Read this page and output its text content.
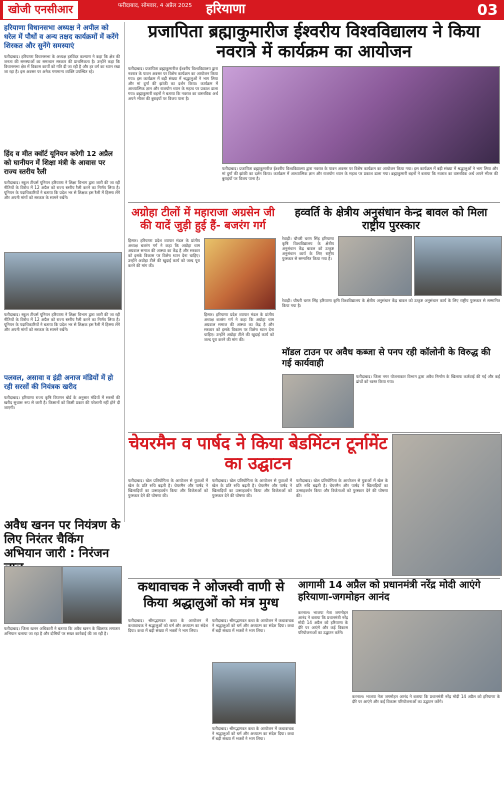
खोजी एनसीआर	फरीदाबाद, सोमवार, 4 अप्रैल 2025 हरियाणा	03
हरियाणा विधानसभा अध्यक्ष ने अपील को धरेल में पौधों व अन्य तक्षद कार्यक्रमों में करेंगे शिरकत और सुनेंगे समस्याएं
फरीदाबाद। हरियाणा विधानसभा के अध्यक्ष हरविंदर कल्याण ने कहा कि क्षेत्र की जनता की समस्याओं का समाधान सरकार की प्राथमिकता है। उन्होंने कहा कि विधानसभा क्षेत्र में विकास कार्यों को गति दी जा रही है और हर वर्ग का ध्यान रखा जा रहा है। इस अवसर पर अनेक गणमान्य व्यक्ति उपस्थित रहे।
हिंद व मीत क्वॉर्ट यूनियन करेगी 12 अप्रैल को घानीयन में शिक्षा मंत्री के आवास पर राज्य स्तरीय रैली
फरीदाबाद। स्कूल टीचर्स यूनियन हरियाणा ने शिक्षा विभाग द्वारा जारी की जा रही नीतियों के विरोध में 12 अप्रैल को राज्य स्तरीय रैली करने का निर्णय लिया है। यूनियन के पदाधिकारियों ने बताया कि प्रदेश भर से शिक्षक इस रैली में हिस्सा लेंगे और अपनी मांगों को सरकार के सामने रखेंगे।
फरीदाबाद। स्कूल टीचर्स यूनियन हरियाणा ने शिक्षा विभाग द्वारा जारी की जा रही नीतियों के विरोध में 12 अप्रैल को राज्य स्तरीय रैली करने का निर्णय लिया है। यूनियन के पदाधिकारियों ने बताया कि प्रदेश भर से शिक्षक इस रैली में हिस्सा लेंगे और अपनी मांगों को सरकार के सामने रखेंगे।
पलवल, असावा व इंद्री अनाज मंडियों में हो रही सरसों की नियंत्रक खरीद
फरीदाबाद। हरियाणा राज्य कृषि विपणन बोर्ड के अनुसार मंडियों में सरसों की खरीद सुचारू रूप से जारी है। किसानों को किसी प्रकार की परेशानी नहीं होने दी जाएगी।
अवैध खनन पर नियंत्रण के लिए निरंतर चैकिंग अभियान जारी : निरंजन
फरीदाबाद। जिला खनन अधिकारी ने बताया कि अवैध खनन के खिलाफ लगातार अभियान चलाया जा रहा है और दोषियों पर सख्त कार्रवाई की जा रही है।
प्रजापिता ब्रह्माकुमारीज ईश्वरीय विश्वविद्यालय ने किया नवरात्रे में कार्यक्रम का आयोजन
फरीदाबाद। प्रजापिता ब्रह्माकुमारीज ईश्वरीय विश्वविद्यालय द्वारा नवरात्र के पावन अवसर पर विशेष कार्यक्रम का आयोजन किया गया। इस कार्यक्रम में बड़ी संख्या में श्रद्धालुओं ने भाग लिया और मां दुर्गा की झांकी का दर्शन किया। कार्यक्रम में आध्यात्मिक ज्ञान और राजयोग ध्यान के महत्व पर प्रकाश डाला गया। ब्रह्माकुमारी बहनों ने बताया कि नवरात्र का वास्तविक अर्थ अपने भीतर की बुराइयों पर विजय पाना है।
फरीदाबाद। प्रजापिता ब्रह्माकुमारीज ईश्वरीय विश्वविद्यालय द्वारा नवरात्र के पावन अवसर पर विशेष कार्यक्रम का आयोजन किया गया। इस कार्यक्रम में बड़ी संख्या में श्रद्धालुओं ने भाग लिया और मां दुर्गा की झांकी का दर्शन किया। कार्यक्रम में आध्यात्मिक ज्ञान और राजयोग ध्यान के महत्व पर प्रकाश डाला गया। ब्रह्माकुमारी बहनों ने बताया कि नवरात्र का वास्तविक अर्थ अपने भीतर की बुराइयों पर विजय पाना है।
अग्रोहा टीलों में महाराजा अग्रसेन जी की यादें जुड़ी हुई हैं- बजरंग गर्ग
हिसार। हरियाणा प्रदेश व्यापार मंडल के प्रांतीय अध्यक्ष बजरंग गर्ग ने कहा कि अग्रोहा धाम अग्रवाल समाज की आस्था का केंद्र है और सरकार को इसके विकास पर विशेष ध्यान देना चाहिए। उन्होंने अग्रोहा टीले की खुदाई कार्य को जल्द पूरा करने की मांग की।
हिसार। हरियाणा प्रदेश व्यापार मंडल के प्रांतीय अध्यक्ष बजरंग गर्ग ने कहा कि अग्रोहा धाम अग्रवाल समाज की आस्था का केंद्र है और सरकार को इसके विकास पर विशेष ध्यान देना चाहिए। उन्होंने अग्रोहा टीले की खुदाई कार्य को जल्द पूरा करने की मांग की।
हव्वर्ति के क्षेत्रीय अनुसंधान केन्द्र बावल को मिला राष्ट्रीय पुरस्कार
रेवाड़ी। चौधरी चरण सिंह हरियाणा कृषि विश्वविद्यालय के क्षेत्रीय अनुसंधान केंद्र बावल को उत्कृष्ट अनुसंधान कार्य के लिए राष्ट्रीय पुरस्कार से सम्मानित किया गया है।
रेवाड़ी। चौधरी चरण सिंह हरियाणा कृषि विश्वविद्यालय के क्षेत्रीय अनुसंधान केंद्र बावल को उत्कृष्ट अनुसंधान कार्य के लिए राष्ट्रीय पुरस्कार से सम्मानित किया गया है।
मॉडल टाउन पर अवैध कब्जा से पनप रही कॉलोनी के विरुद्ध की गई कार्यवाही
फरीदाबाद। जिला नगर योजनाकार विभाग द्वारा अवैध निर्माण के खिलाफ कार्रवाई की गई और कई ढांचों को ध्वस्त किया गया।
चेयरमैन व पार्षद ने किया बेडमिंटन टूर्नामेंट का उद्घाटन
फरीदाबाद। खेल प्रतियोगिता के आयोजन से युवाओं में खेल के प्रति रुचि बढ़ती है। चेयरमैन और पार्षद ने खिलाड़ियों का उत्साहवर्धन किया और विजेताओं को पुरस्कार देने की घोषणा की।
फरीदाबाद। खेल प्रतियोगिता के आयोजन से युवाओं में खेल के प्रति रुचि बढ़ती है। चेयरमैन और पार्षद ने खिलाड़ियों का उत्साहवर्धन किया और विजेताओं को पुरस्कार देने की घोषणा की।
फरीदाबाद। खेल प्रतियोगिता के आयोजन से युवाओं में खेल के प्रति रुचि बढ़ती है। चेयरमैन और पार्षद ने खिलाड़ियों का उत्साहवर्धन किया और विजेताओं को पुरस्कार देने की घोषणा की।
कथावाचक ने ओजस्वी वाणी से किया श्रद्धालुओं को मंत्र मुग्ध
फरीदाबाद। श्रीमद्भागवत कथा के आयोजन में कथावाचक ने श्रद्धालुओं को धर्म और अध्यात्म का संदेश दिया। कथा में बड़ी संख्या में भक्तों ने भाग लिया।
फरीदाबाद। श्रीमद्भागवत कथा के आयोजन में कथावाचक ने श्रद्धालुओं को धर्म और अध्यात्म का संदेश दिया। कथा में बड़ी संख्या में भक्तों ने भाग लिया।
फरीदाबाद। श्रीमद्भागवत कथा के आयोजन में कथावाचक ने श्रद्धालुओं को धर्म और अध्यात्म का संदेश दिया। कथा में बड़ी संख्या में भक्तों ने भाग लिया।
आगामी 14 अप्रैल को प्रधानमंत्री नरेंद्र मोदी आएंगे हरियाणा-जगमोहन आनंद
करनाल। भाजपा नेता जगमोहन आनंद ने बताया कि प्रधानमंत्री नरेंद्र मोदी 14 अप्रैल को हरियाणा के दौरे पर आएंगे और कई विकास परियोजनाओं का उद्घाटन करेंगे।
करनाल। भाजपा नेता जगमोहन आनंद ने बताया कि प्रधानमंत्री नरेंद्र मोदी 14 अप्रैल को हरियाणा के दौरे पर आएंगे और कई विकास परियोजनाओं का उद्घाटन करेंगे।
